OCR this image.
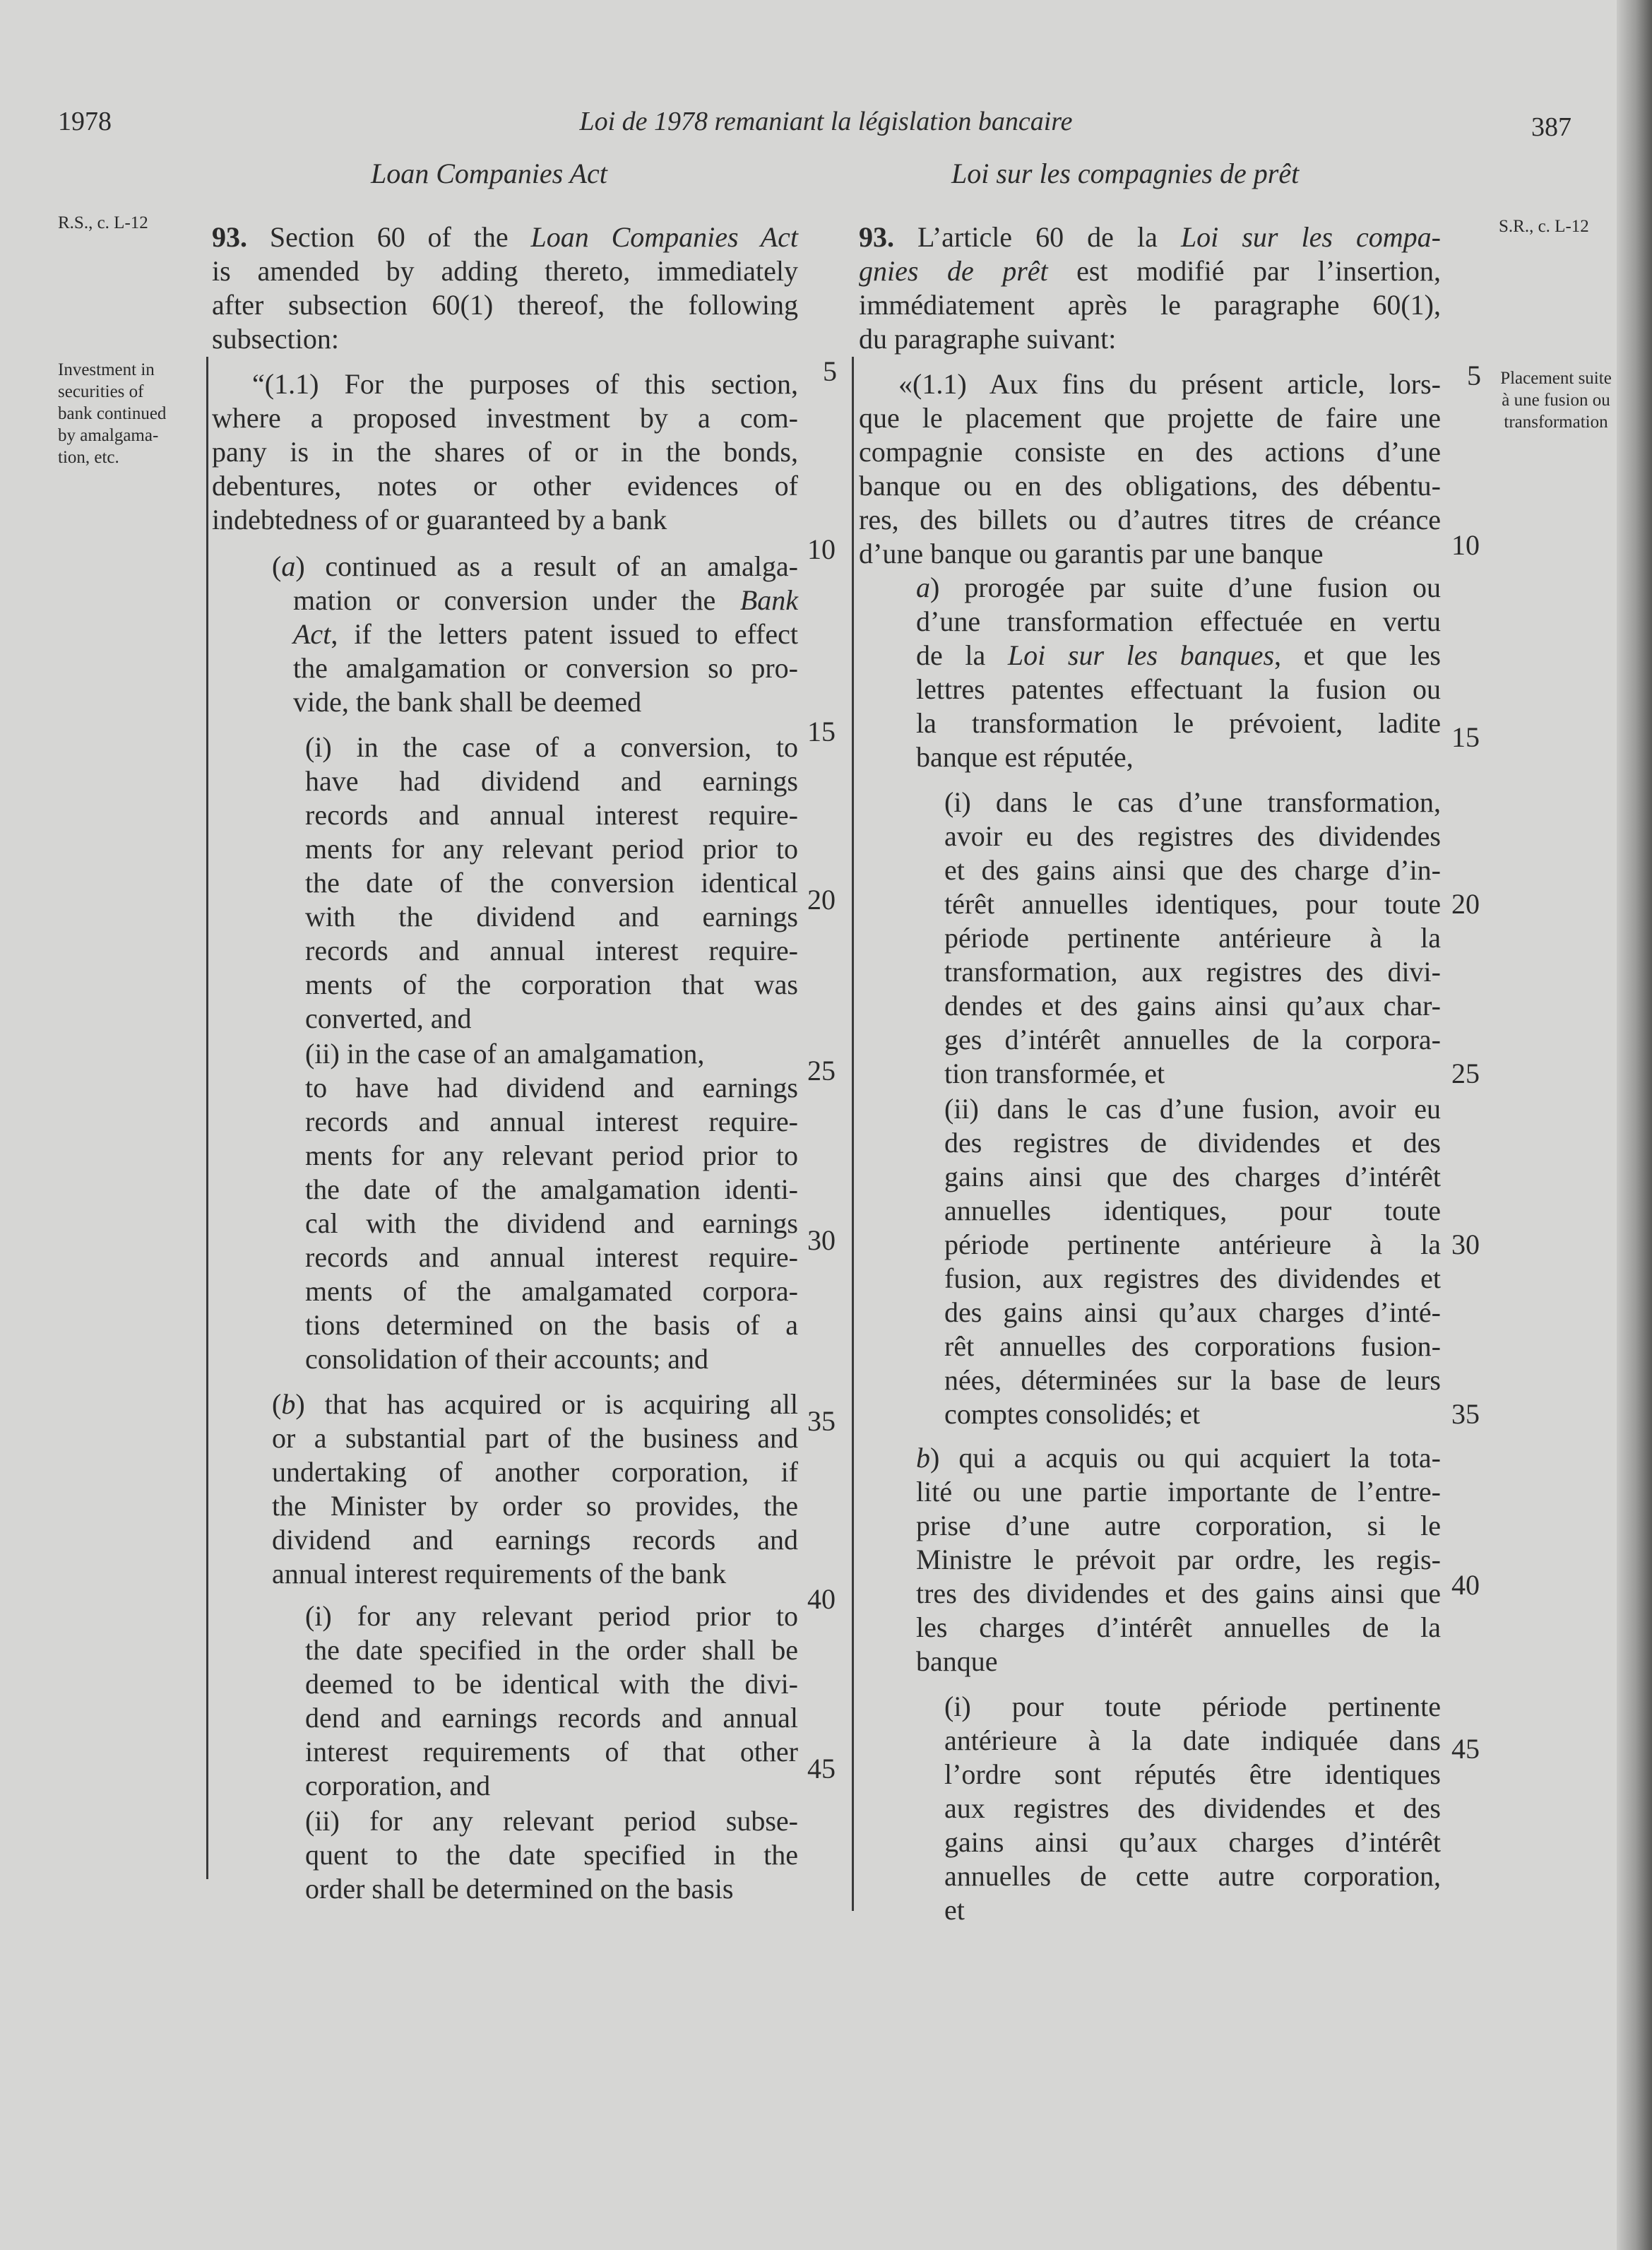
1978	Loi de 1978 remaniant la législation bancaire	387
Loan Companies Act	Loi sur les compagnies de prêt
R.S., c. L-12
Investment in
securities of
bank continued
by amalgama-
tion, etc.
S.R., c. L-12
Placement suite
à une fusion ou
transformation
93. Section 60 of the Loan Companies Act
is amended by adding thereto, immediately
after subsection 60(1) thereof, the following
subsection:
“(1.1) For the purposes of this section,
where a proposed investment by a com-
pany is in the shares of or in the bonds,
debentures, notes or other evidences of
indebtedness of or guaranteed by a bank
(a) continued as a result of an amalga-
mation or conversion under the Bank
Act, if the letters patent issued to effect
the amalgamation or conversion so pro-
vide, the bank shall be deemed
(i) in the case of a conversion, to
have had dividend and earnings
records and annual interest require-
ments for any relevant period prior to
the date of the conversion identical
with the dividend and earnings
records and annual interest require-
ments of the corporation that was
converted, and
(ii) in the case of an amalgamation,
to have had dividend and earnings
records and annual interest require-
ments for any relevant period prior to
the date of the amalgamation identi-
cal with the dividend and earnings
records and annual interest require-
ments of the amalgamated corpora-
tions determined on the basis of a
consolidation of their accounts; and
(b) that has acquired or is acquiring all
or a substantial part of the business and
undertaking of another corporation, if
the Minister by order so provides, the
dividend and earnings records and
annual interest requirements of the bank
(i) for any relevant period prior to
the date specified in the order shall be
deemed to be identical with the divi-
dend and earnings records and annual
interest requirements of that other
corporation, and
(ii) for any relevant period subse-
quent to the date specified in the
order shall be determined on the basis
93. L’article 60 de la Loi sur les compa-
gnies de prêt est modifié par l’insertion,
immédiatement après le paragraphe 60(1),
du paragraphe suivant:
«(1.1) Aux fins du présent article, lors-
que le placement que projette de faire une
compagnie consiste en des actions d’une
banque ou en des obligations, des débentu-
res, des billets ou d’autres titres de créance
d’une banque ou garantis par une banque
a) prorogée par suite d’une fusion ou
d’une transformation effectuée en vertu
de la Loi sur les banques, et que les
lettres patentes effectuant la fusion ou
la transformation le prévoient, ladite
banque est réputée,
(i) dans le cas d’une transformation,
avoir eu des registres des dividendes
et des gains ainsi que des charge d’in-
térêt annuelles identiques, pour toute
période pertinente antérieure à la
transformation, aux registres des divi-
dendes et des gains ainsi qu’aux char-
ges d’intérêt annuelles de la corpora-
tion transformée, et
(ii) dans le cas d’une fusion, avoir eu
des registres de dividendes et des
gains ainsi que des charges d’intérêt
annuelles identiques, pour toute
période pertinente antérieure à la
fusion, aux registres des dividendes et
des gains ainsi qu’aux charges d’inté-
rêt annuelles des corporations fusion-
nées, déterminées sur la base de leurs
comptes consolidés; et
b) qui a acquis ou qui acquiert la tota-
lité ou une partie importante de l’entre-
prise d’une autre corporation, si le
Ministre le prévoit par ordre, les regis-
tres des dividendes et des gains ainsi que
les charges d’intérêt annuelles de la
banque
(i) pour toute période pertinente
antérieure à la date indiquée dans
l’ordre sont réputés être identiques
aux registres des dividendes et des
gains ainsi qu’aux charges d’intérêt
annuelles de cette autre corporation,
et
5
10
15
20
25
30
35
40
45
5
10
15
20
25
30
35
40
45
